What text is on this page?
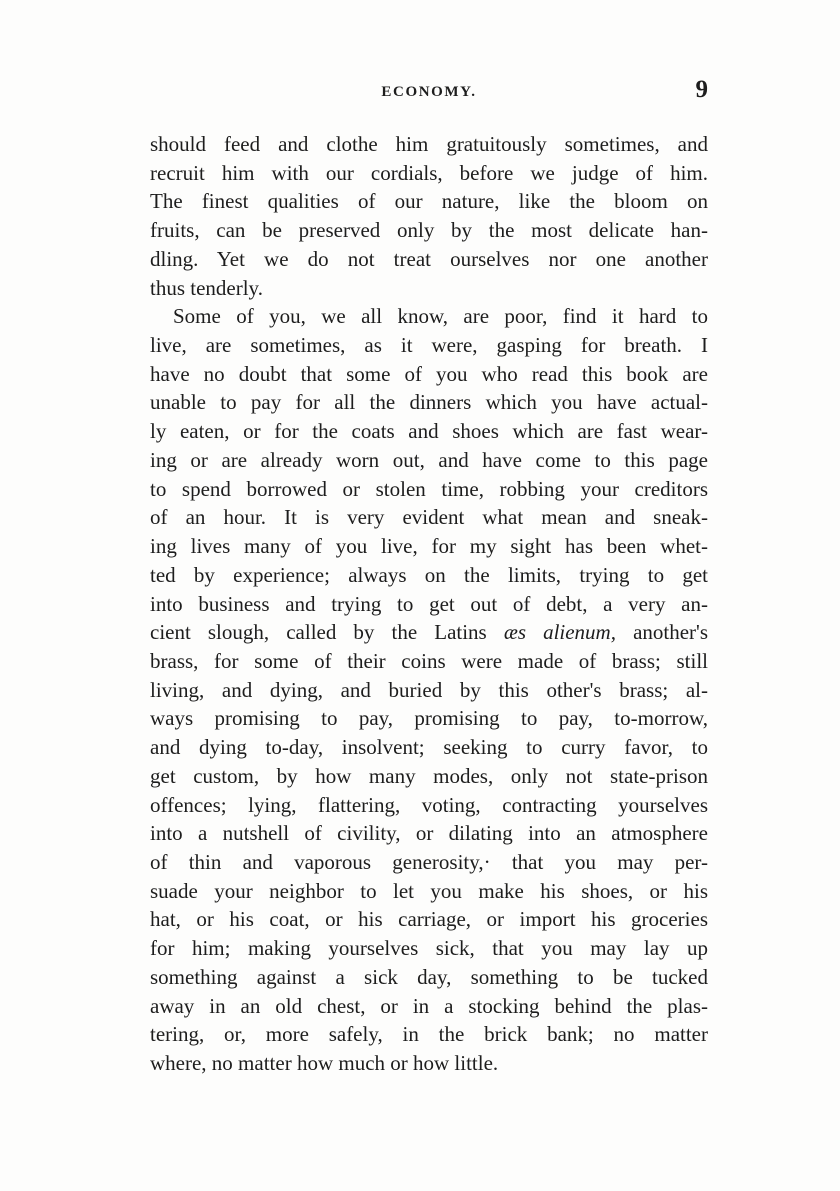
ECONOMY.	9
should feed and clothe him gratuitously sometimes, and
recruit him with our cordials, before we judge of him.
The finest qualities of our nature, like the bloom on
fruits, can be preserved only by the most delicate han-
dling. Yet we do not treat ourselves nor one another
thus tenderly.
Some of you, we all know, are poor, find it hard to
live, are sometimes, as it were, gasping for breath. I
have no doubt that some of you who read this book are
unable to pay for all the dinners which you have actual-
ly eaten, or for the coats and shoes which are fast wear-
ing or are already worn out, and have come to this page
to spend borrowed or stolen time, robbing your creditors
of an hour. It is very evident what mean and sneak-
ing lives many of you live, for my sight has been whet-
ted by experience; always on the limits, trying to get
into business and trying to get out of debt, a very an-
cient slough, called by the Latins æs alienum, another's
brass, for some of their coins were made of brass; still
living, and dying, and buried by this other's brass; al-
ways promising to pay, promising to pay, to-morrow,
and dying to-day, insolvent; seeking to curry favor, to
get custom, by how many modes, only not state-prison
offences; lying, flattering, voting, contracting yourselves
into a nutshell of civility, or dilating into an atmosphere
of thin and vaporous generosity,· that you may per-
suade your neighbor to let you make his shoes, or his
hat, or his coat, or his carriage, or import his groceries
for him; making yourselves sick, that you may lay up
something against a sick day, something to be tucked
away in an old chest, or in a stocking behind the plas-
tering, or, more safely, in the brick bank; no matter
where, no matter how much or how little.
